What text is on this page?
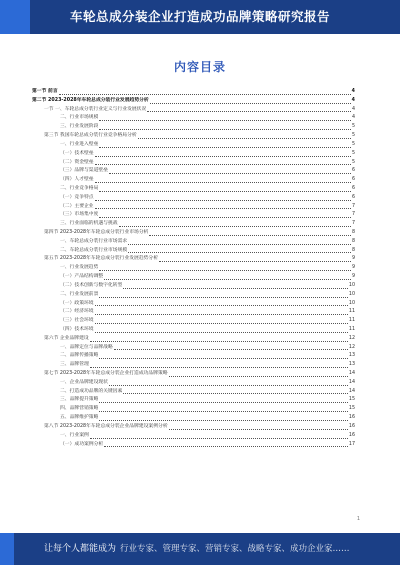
车轮总成分装企业打造成功品牌策略研究报告
内容目录
第一节 前言	4
第二节 2023-2028年车轮总成分装行业发展趋势分析	4
一节 一、车轮总成分装行业定义与行业发展状况	4
二、行业市场规模	4
三、行业发展阶段	5
第三节 我国车轮总成分装行业竞争格局分析	5
一、行业进入壁垒	5
（一）技术壁垒	5
（二）资金壁垒	5
（三）品牌与渠道壁垒	6
（四）人才壁垒	6
二、行业竞争格局	6
（一）竞争特点	6
（二）主要企业	7
（三）市场集中度	7
三、行业面临的机遇与挑战	7
第四节 2023-2028年车轮总成分装行业市场分析	8
一、车轮总成分装行业市场需求	8
二、车轮总成分装行业市场规模	8
第五节 2023-2028年车轮总成分装行业发展趋势分析	9
一、行业发展趋势	9
（一）产品结构调整	9
（二）技术创新与数字化转型	10
二、行业发展前景	10
（一）政策环境	10
（二）经济环境	11
（三）社会环境	11
（四）技术环境	11
第六节 企业品牌建设	12
一、品牌定位与品牌战略	12
二、品牌传播策略	13
三、品牌管理	13
第七节 2023-2028年车轮总成分装企业打造成功品牌策略	14
一、企业品牌建设现状	14
二、打造成功品牌的关键因素	14
三、品牌提升策略	15
四、品牌营销策略	15
五、品牌维护策略	16
第八节 2023-2028年车轮总成分装企业品牌建设案例分析	16
一、行业案例	16
（一）成功案例分析	17
1
让每个人都能成为 行业专家、管理专家、营销专家、战略专家、成功企业家……
